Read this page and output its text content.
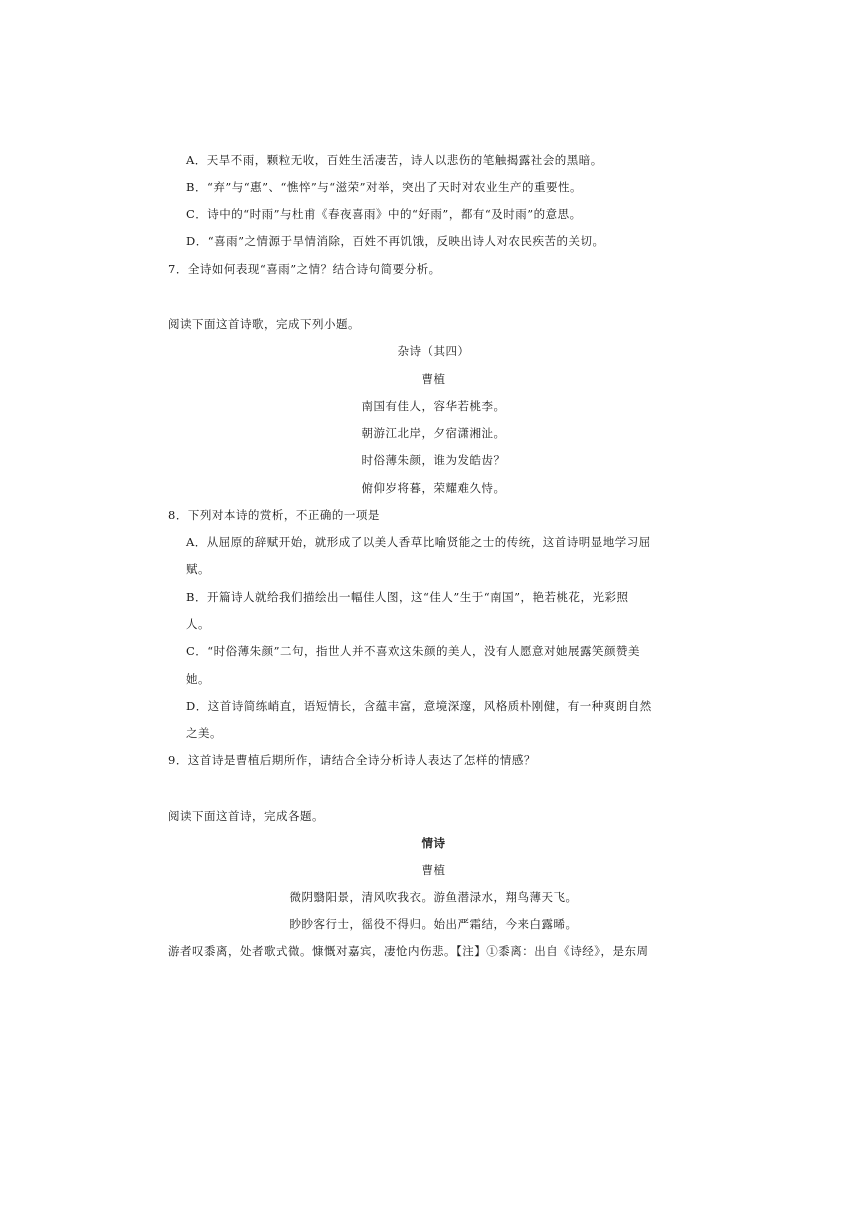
A．天旱不雨，颗粒无收，百姓生活凄苦，诗人以悲伤的笔触揭露社会的黑暗。
B．“弃”与“惠”、“憔悴”与“滋荣”对举，突出了天时对农业生产的重要性。
C．诗中的“时雨”与杜甫《春夜喜雨》中的“好雨”，都有“及时雨”的意思。
D．“喜雨”之情源于旱情消除，百姓不再饥饿，反映出诗人对农民疾苦的关切。
7．全诗如何表现“喜雨”之情？结合诗句简要分析。
阅读下面这首诗歌，完成下列小题。
杂诗（其四）
曹植
南国有佳人，容华若桃李。
朝游江北岸，夕宿潇湘沚。
时俗薄朱颜，谁为发皓齿？
俯仰岁将暮，荣耀难久恃。
8．下列对本诗的赏析，不正确的一项是
A．从屈原的辞赋开始，就形成了以美人香草比喻贤能之士的传统，这首诗明显地学习屈
赋。
B．开篇诗人就给我们描绘出一幅佳人图，这“佳人”生于“南国”，艳若桃花，光彩照
人。
C．“时俗薄朱颜”二句，指世人并不喜欢这朱颜的美人，没有人愿意对她展露笑颜赞美
她。
D．这首诗简练峭直，语短情长，含蕴丰富，意境深邃，风格质朴刚健，有一种爽朗自然
之美。
9．这首诗是曹植后期所作，请结合全诗分析诗人表达了怎样的情感？
阅读下面这首诗，完成各题。
情诗
曹植
微阴翳阳景，清风吹我衣。游鱼潜渌水，翔鸟薄天飞。
眇眇客行士，徭役不得归。始出严霜结，今来白露晞。
游者叹黍离，处者歌式微。慷慨对嘉宾，凄怆内伤悲。【注】①黍离：出自《诗经》，是东周
